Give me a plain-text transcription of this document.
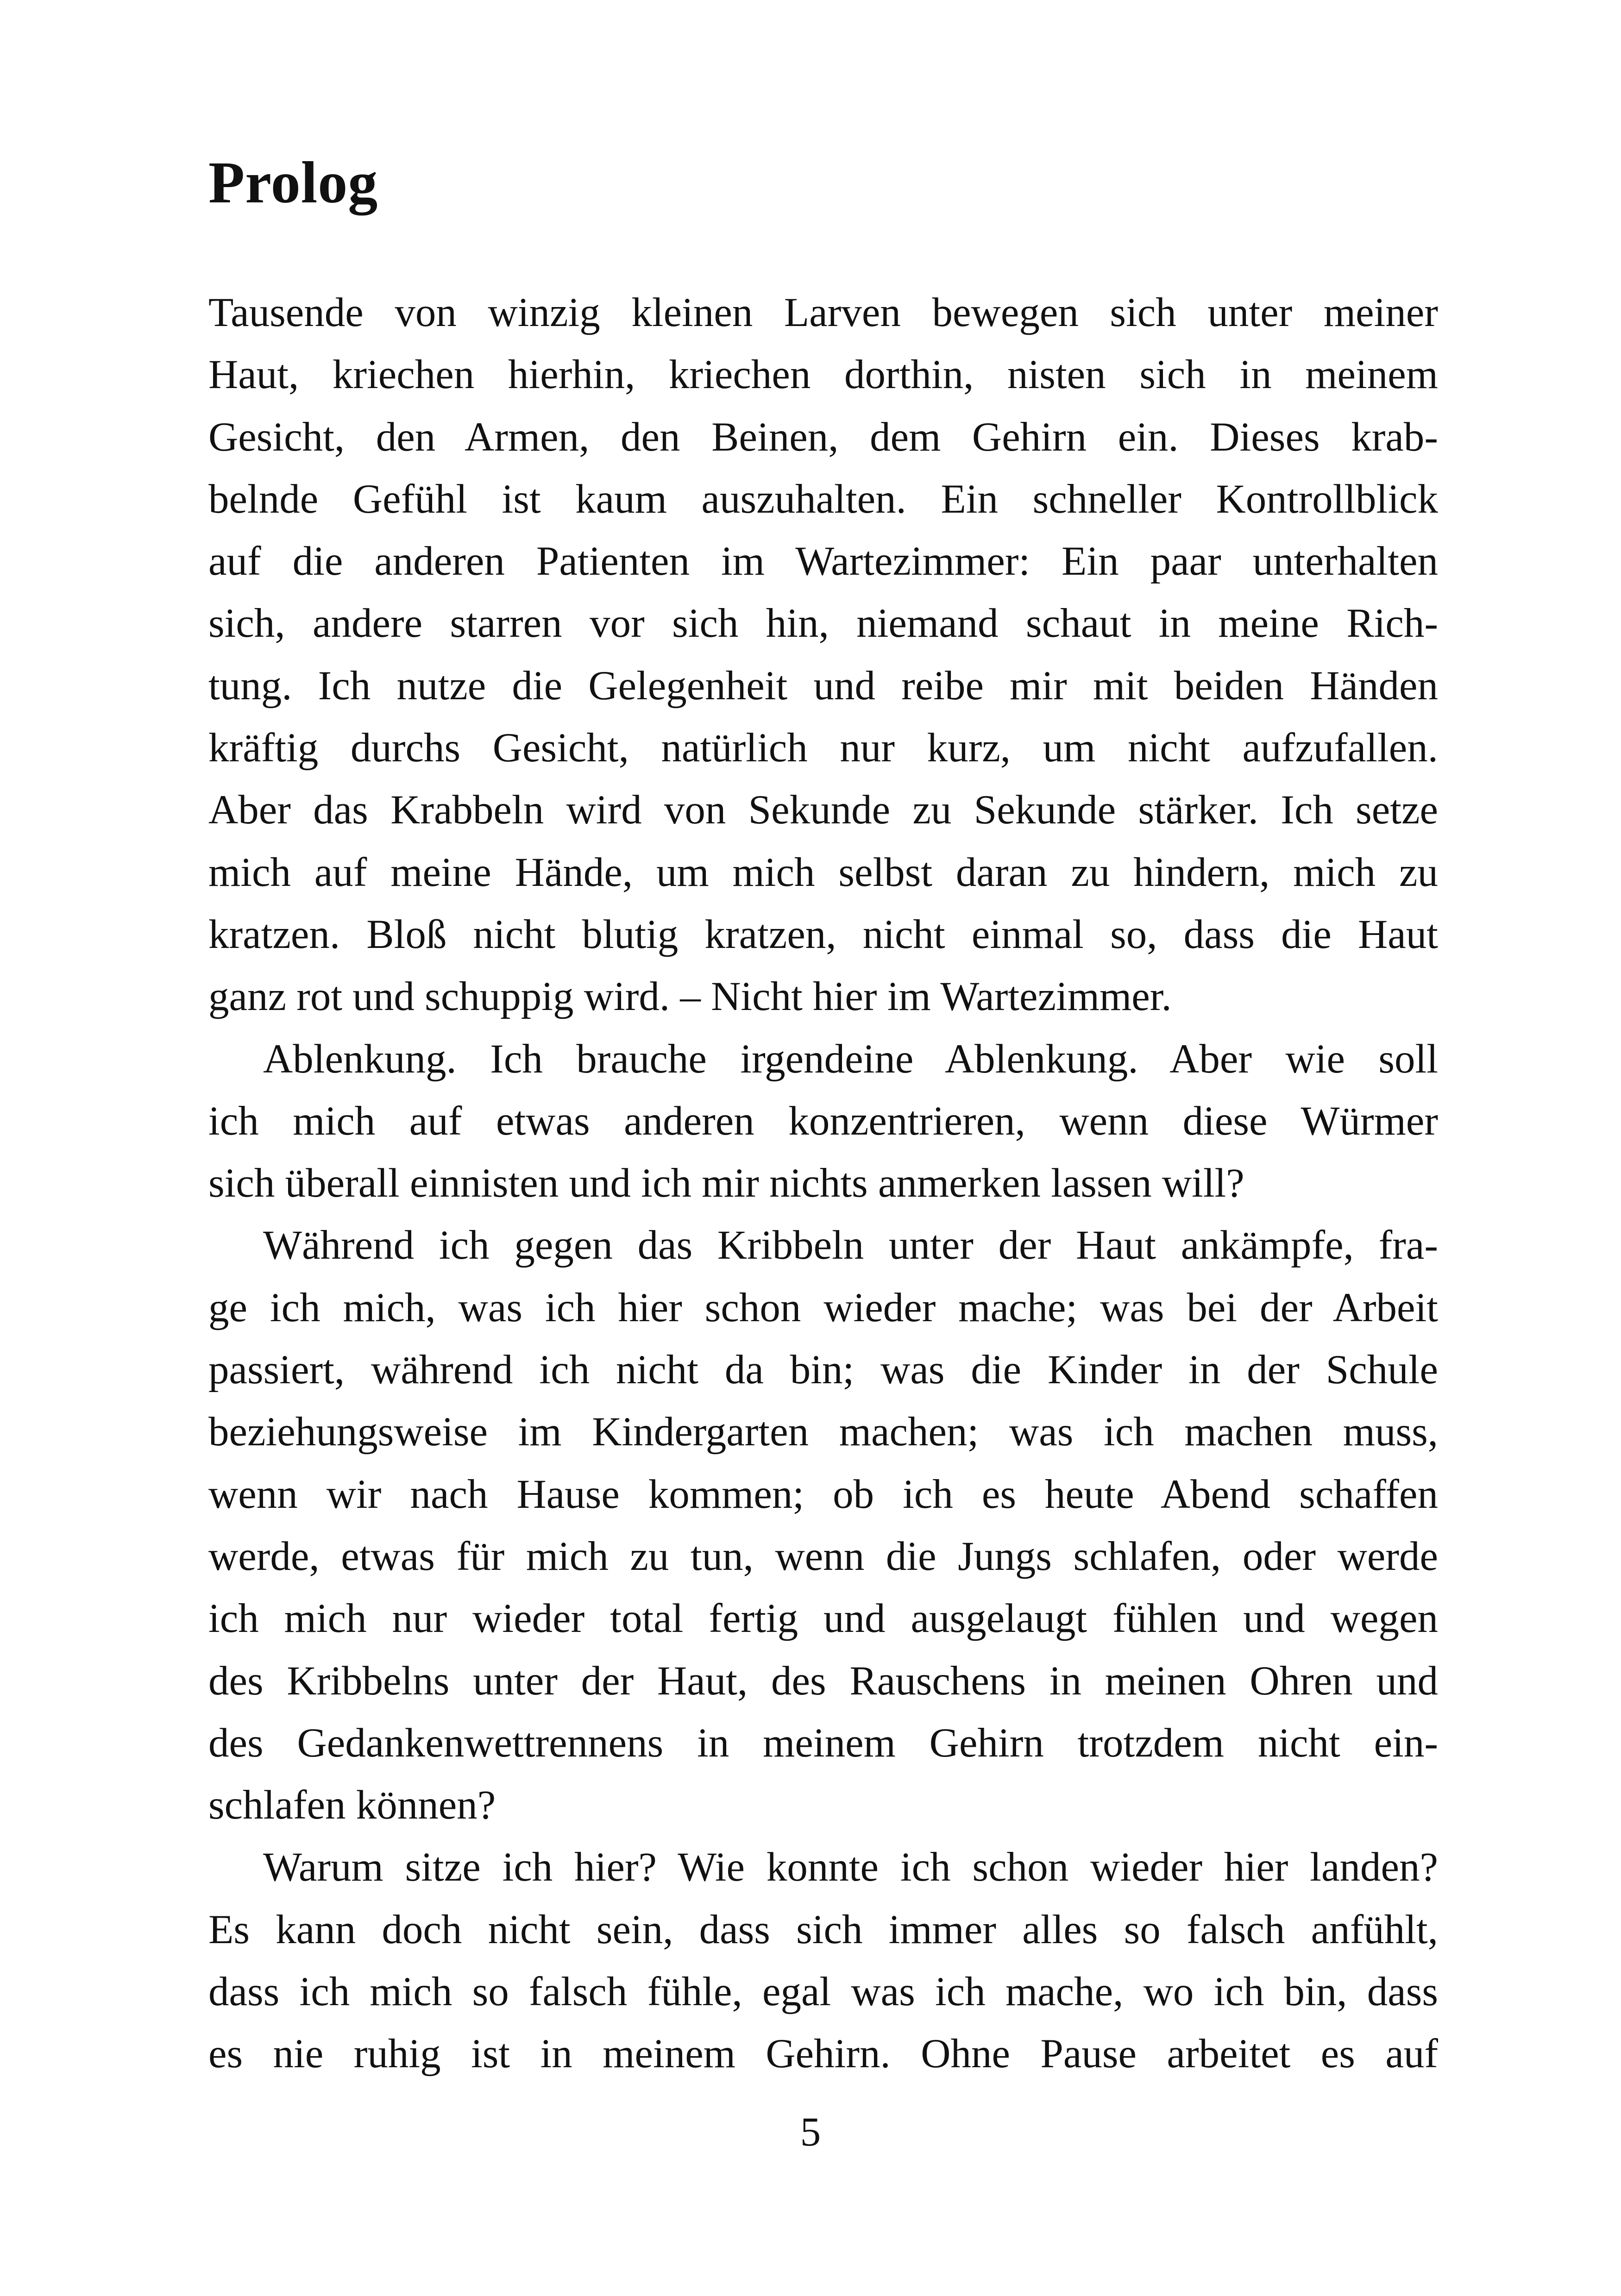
Prolog
Tausende von winzig kleinen Larven bewegen sich unter meiner
Haut, kriechen hierhin, kriechen dorthin, nisten sich in meinem
Gesicht, den Armen, den Beinen, dem Gehirn ein. Dieses krab-
belnde Gefühl ist kaum auszuhalten. Ein schneller Kontrollblick
auf die anderen Patienten im Wartezimmer: Ein paar unterhalten
sich, andere starren vor sich hin, niemand schaut in meine Rich-
tung. Ich nutze die Gelegenheit und reibe mir mit beiden Händen
kräftig durchs Gesicht, natürlich nur kurz, um nicht aufzufallen.
Aber das Krabbeln wird von Sekunde zu Sekunde stärker. Ich setze
mich auf meine Hände, um mich selbst daran zu hindern, mich zu
kratzen. Bloß nicht blutig kratzen, nicht einmal so, dass die Haut
ganz rot und schuppig wird. – Nicht hier im Wartezimmer.
Ablenkung. Ich brauche irgendeine Ablenkung. Aber wie soll
ich mich auf etwas anderen konzentrieren, wenn diese Würmer
sich überall einnisten und ich mir nichts anmerken lassen will?
Während ich gegen das Kribbeln unter der Haut ankämpfe, fra-
ge ich mich, was ich hier schon wieder mache; was bei der Arbeit
passiert, während ich nicht da bin; was die Kinder in der Schule
beziehungsweise im Kindergarten machen; was ich machen muss,
wenn wir nach Hause kommen; ob ich es heute Abend schaffen
werde, etwas für mich zu tun, wenn die Jungs schlafen, oder werde
ich mich nur wieder total fertig und ausgelaugt fühlen und wegen
des Kribbelns unter der Haut, des Rauschens in meinen Ohren und
des Gedankenwettrennens in meinem Gehirn trotzdem nicht ein-
schlafen können?
Warum sitze ich hier? Wie konnte ich schon wieder hier landen?
Es kann doch nicht sein, dass sich immer alles so falsch anfühlt,
dass ich mich so falsch fühle, egal was ich mache, wo ich bin, dass
es nie ruhig ist in meinem Gehirn. Ohne Pause arbeitet es auf
5
